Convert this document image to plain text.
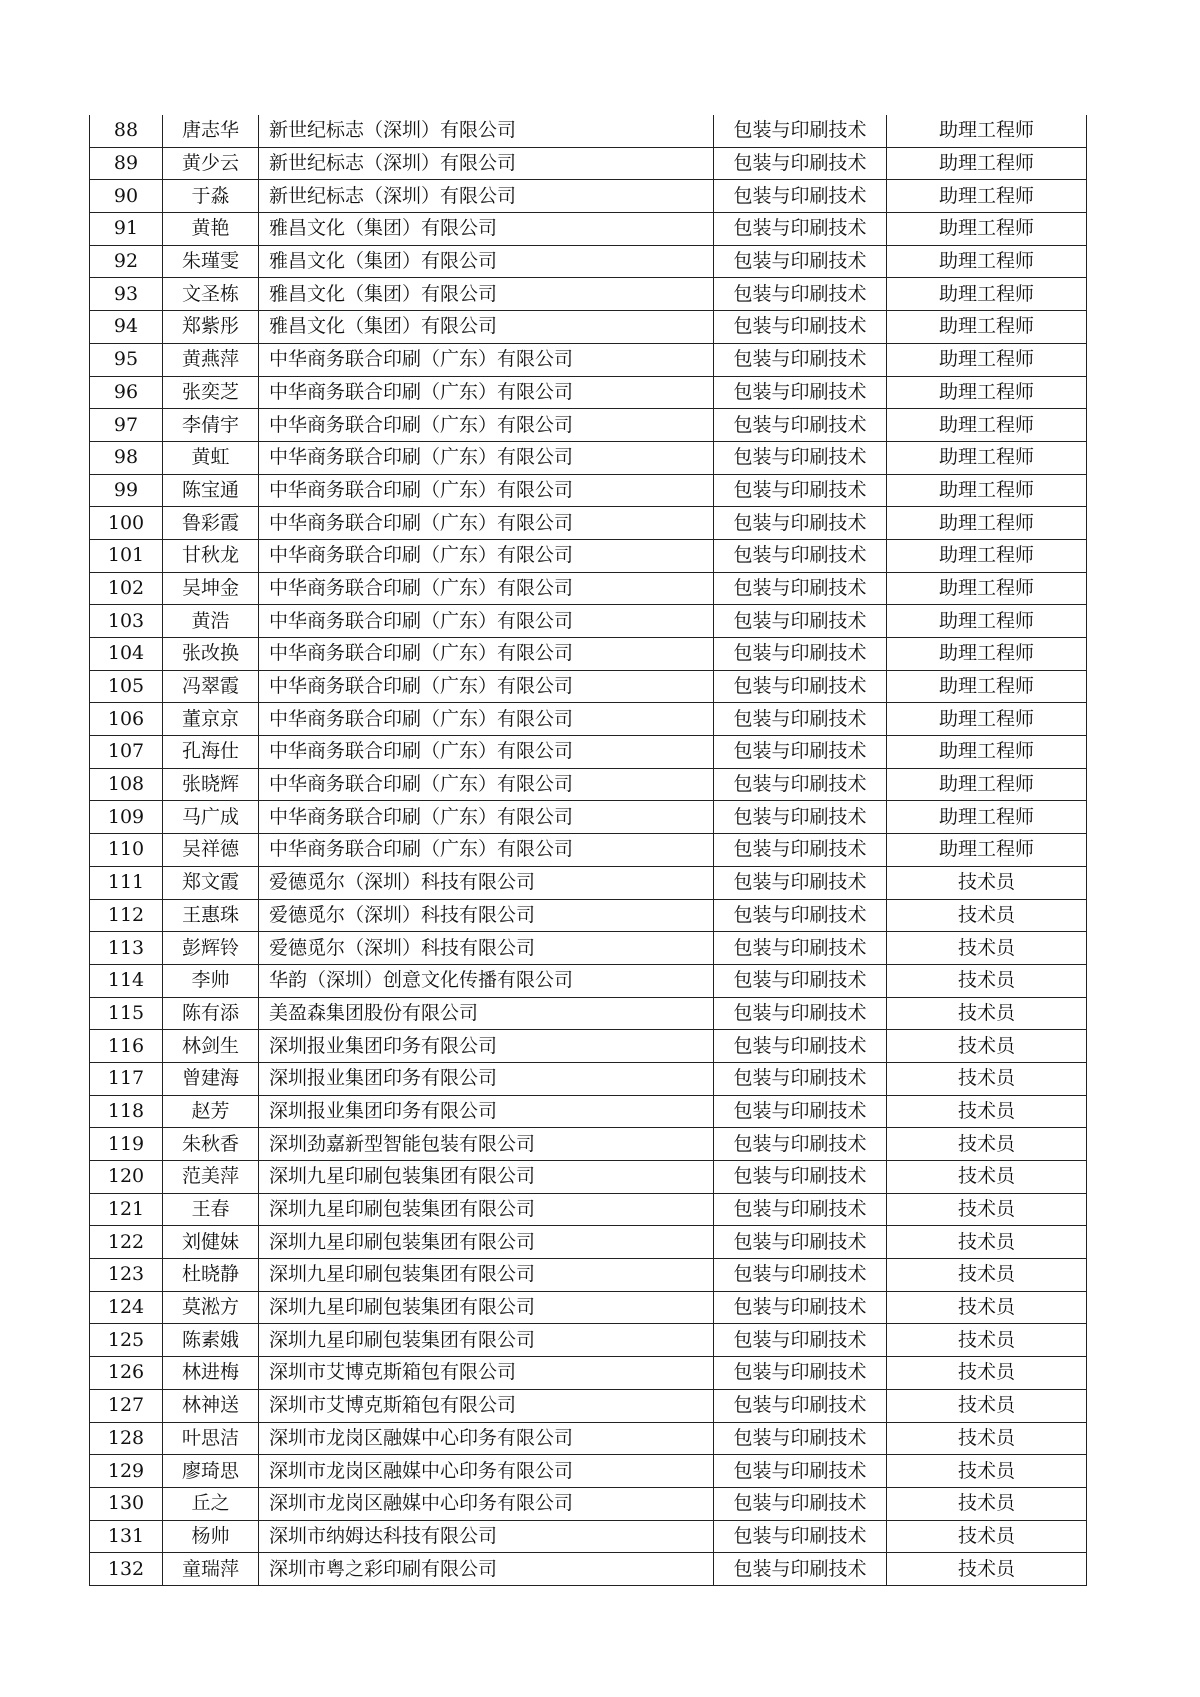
88	唐志华	新世纪标志（深圳）有限公司	包装与印刷技术	助理工程师
89	黄少云	新世纪标志（深圳）有限公司	包装与印刷技术	助理工程师
90	于淼	新世纪标志（深圳）有限公司	包装与印刷技术	助理工程师
91	黄艳	雅昌文化（集团）有限公司	包装与印刷技术	助理工程师
92	朱瑾雯	雅昌文化（集团）有限公司	包装与印刷技术	助理工程师
93	文圣栋	雅昌文化（集团）有限公司	包装与印刷技术	助理工程师
94	郑紫彤	雅昌文化（集团）有限公司	包装与印刷技术	助理工程师
95	黄燕萍	中华商务联合印刷（广东）有限公司	包装与印刷技术	助理工程师
96	张奕芝	中华商务联合印刷（广东）有限公司	包装与印刷技术	助理工程师
97	李倩宇	中华商务联合印刷（广东）有限公司	包装与印刷技术	助理工程师
98	黄虹	中华商务联合印刷（广东）有限公司	包装与印刷技术	助理工程师
99	陈宝通	中华商务联合印刷（广东）有限公司	包装与印刷技术	助理工程师
100	鲁彩霞	中华商务联合印刷（广东）有限公司	包装与印刷技术	助理工程师
101	甘秋龙	中华商务联合印刷（广东）有限公司	包装与印刷技术	助理工程师
102	吴坤金	中华商务联合印刷（广东）有限公司	包装与印刷技术	助理工程师
103	黄浩	中华商务联合印刷（广东）有限公司	包装与印刷技术	助理工程师
104	张改换	中华商务联合印刷（广东）有限公司	包装与印刷技术	助理工程师
105	冯翠霞	中华商务联合印刷（广东）有限公司	包装与印刷技术	助理工程师
106	董京京	中华商务联合印刷（广东）有限公司	包装与印刷技术	助理工程师
107	孔海仕	中华商务联合印刷（广东）有限公司	包装与印刷技术	助理工程师
108	张晓辉	中华商务联合印刷（广东）有限公司	包装与印刷技术	助理工程师
109	马广成	中华商务联合印刷（广东）有限公司	包装与印刷技术	助理工程师
110	吴祥德	中华商务联合印刷（广东）有限公司	包装与印刷技术	助理工程师
111	郑文霞	爱德觅尔（深圳）科技有限公司	包装与印刷技术	技术员
112	王惠珠	爱德觅尔（深圳）科技有限公司	包装与印刷技术	技术员
113	彭辉铃	爱德觅尔（深圳）科技有限公司	包装与印刷技术	技术员
114	李帅	华韵（深圳）创意文化传播有限公司	包装与印刷技术	技术员
115	陈有添	美盈森集团股份有限公司	包装与印刷技术	技术员
116	林剑生	深圳报业集团印务有限公司	包装与印刷技术	技术员
117	曾建海	深圳报业集团印务有限公司	包装与印刷技术	技术员
118	赵芳	深圳报业集团印务有限公司	包装与印刷技术	技术员
119	朱秋香	深圳劲嘉新型智能包装有限公司	包装与印刷技术	技术员
120	范美萍	深圳九星印刷包装集团有限公司	包装与印刷技术	技术员
121	王春	深圳九星印刷包装集团有限公司	包装与印刷技术	技术员
122	刘健妹	深圳九星印刷包装集团有限公司	包装与印刷技术	技术员
123	杜晓静	深圳九星印刷包装集团有限公司	包装与印刷技术	技术员
124	莫淞方	深圳九星印刷包装集团有限公司	包装与印刷技术	技术员
125	陈素娥	深圳九星印刷包装集团有限公司	包装与印刷技术	技术员
126	林进梅	深圳市艾博克斯箱包有限公司	包装与印刷技术	技术员
127	林神送	深圳市艾博克斯箱包有限公司	包装与印刷技术	技术员
128	叶思洁	深圳市龙岗区融媒中心印务有限公司	包装与印刷技术	技术员
129	廖琦思	深圳市龙岗区融媒中心印务有限公司	包装与印刷技术	技术员
130	丘之	深圳市龙岗区融媒中心印务有限公司	包装与印刷技术	技术员
131	杨帅	深圳市纳姆达科技有限公司	包装与印刷技术	技术员
132	童瑞萍	深圳市粤之彩印刷有限公司	包装与印刷技术	技术员
